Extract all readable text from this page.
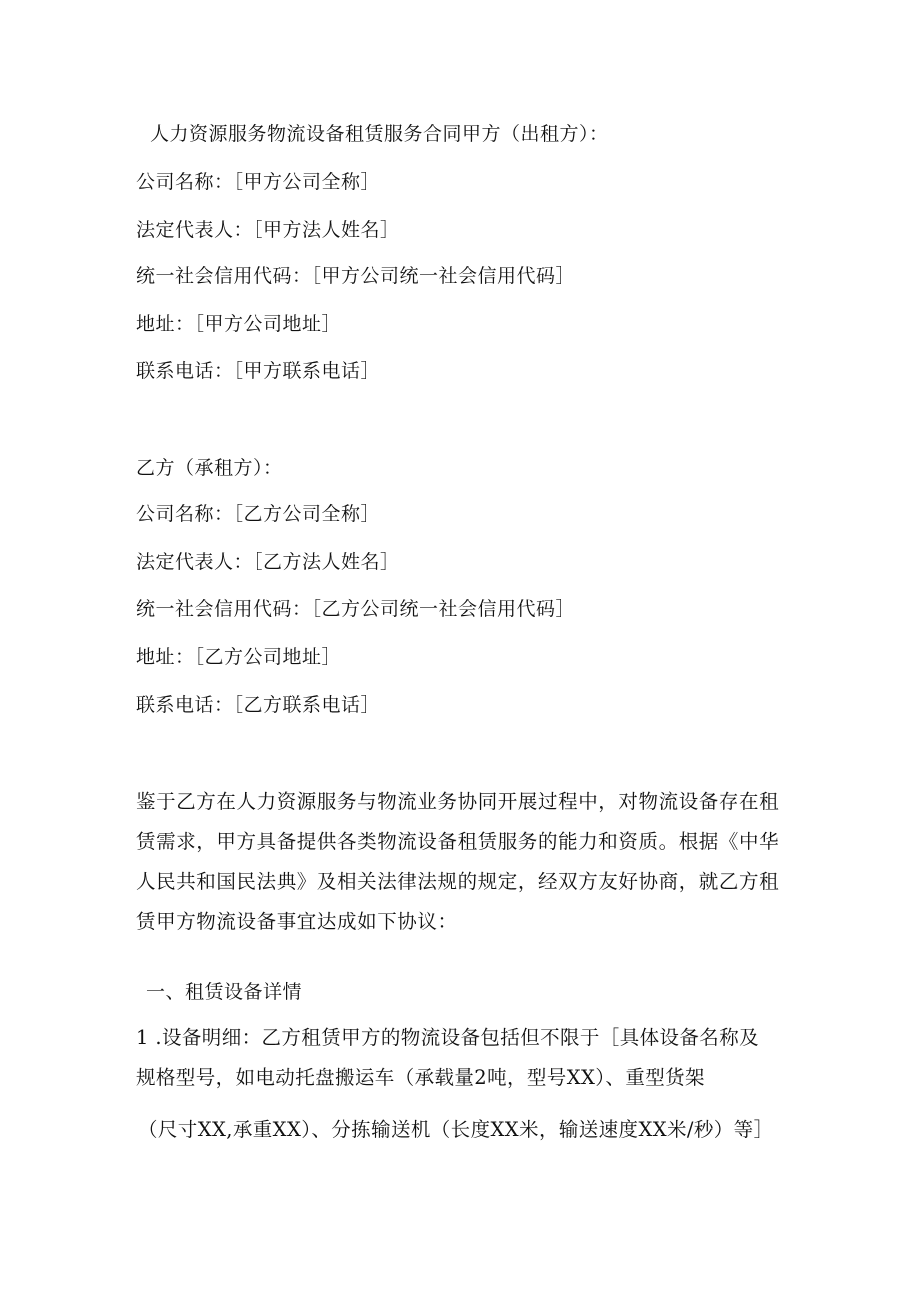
人力资源服务物流设备租赁服务合同甲方（出租方）：
公司名称：［甲方公司全称］
法定代表人：［甲方法人姓名］
统一社会信用代码：［甲方公司统一社会信用代码］
地址：［甲方公司地址］
联系电话：［甲方联系电话］
乙方（承租方）：
公司名称：［乙方公司全称］
法定代表人：［乙方法人姓名］
统一社会信用代码：［乙方公司统一社会信用代码］
地址：［乙方公司地址］
联系电话：［乙方联系电话］
鉴于乙方在人力资源服务与物流业务协同开展过程中，对物流设备存在租
赁需求，甲方具备提供各类物流设备租赁服务的能力和资质。根据《中华
人民共和国民法典》及相关法律法规的规定，经双方友好协商，就乙方租
赁甲方物流设备事宜达成如下协议：
一、租赁设备详情
1 .设备明细：乙方租赁甲方的物流设备包括但不限于［具体设备名称及
规格型号，如电动托盘搬运车（承载量2吨，型号XX）、重型货架
（尺寸XX,承重XX）、分拣输送机（长度XX米，输送速度XX米/秒）等］
